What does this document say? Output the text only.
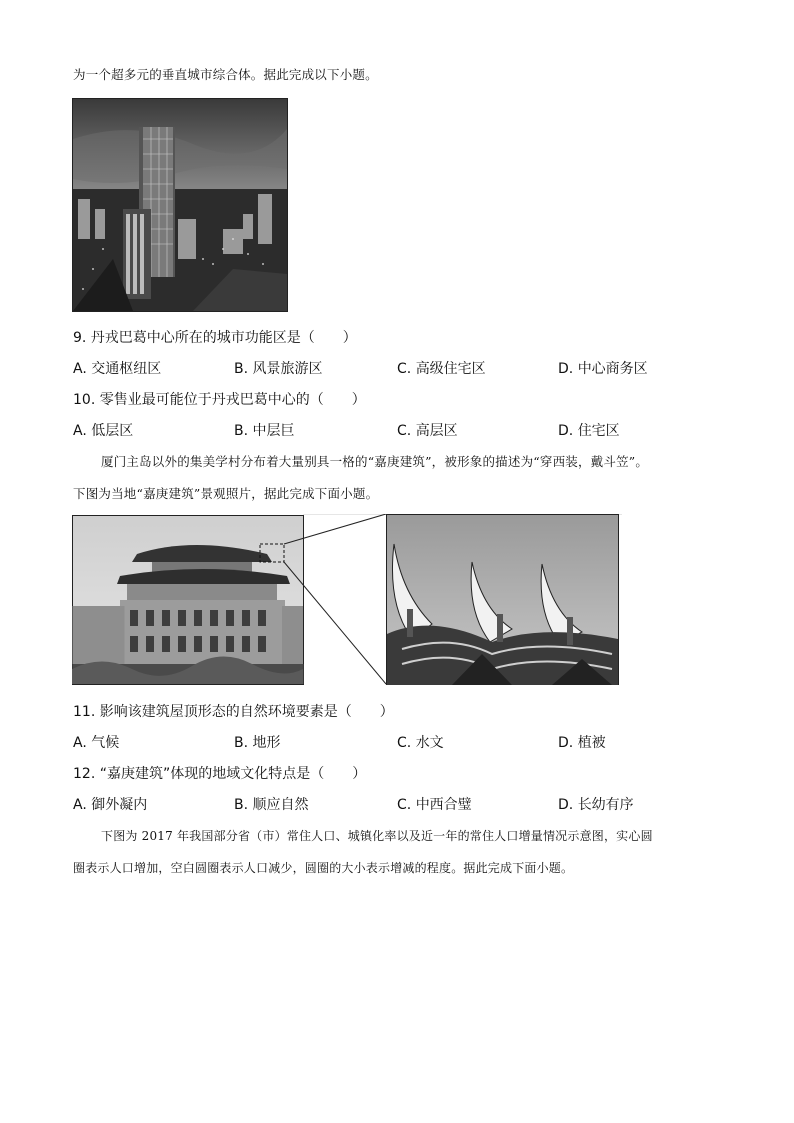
为一个超多元的垂直城市综合体。据此完成以下小题。
9. 丹戎巴葛中心所在的城市功能区是（　　）
A. 交通枢纽区	B. 风景旅游区	C. 高级住宅区	D. 中心商务区
10. 零售业最可能位于丹戎巴葛中心的（　　）
A. 低层区	B. 中层巨	C. 高层区	D. 住宅区
厦门主岛以外的集美学村分布着大量别具一格的“嘉庚建筑”，被形象的描述为“穿西装，戴斗笠”。
下图为当地“嘉庚建筑”景观照片，据此完成下面小题。
11. 影响该建筑屋顶形态的自然环境要素是（　　）
A. 气候	B. 地形	C. 水文	D. 植被
12. “嘉庚建筑”体现的地域文化特点是（　　）
A. 御外凝内	B. 顺应自然	C. 中西合璧	D. 长幼有序
下图为 2017 年我国部分省（市）常住人口、城镇化率以及近一年的常住人口增量情况示意图，实心圆
圈表示人口增加，空白圆圈表示人口减少，圆圈的大小表示增减的程度。据此完成下面小题。
